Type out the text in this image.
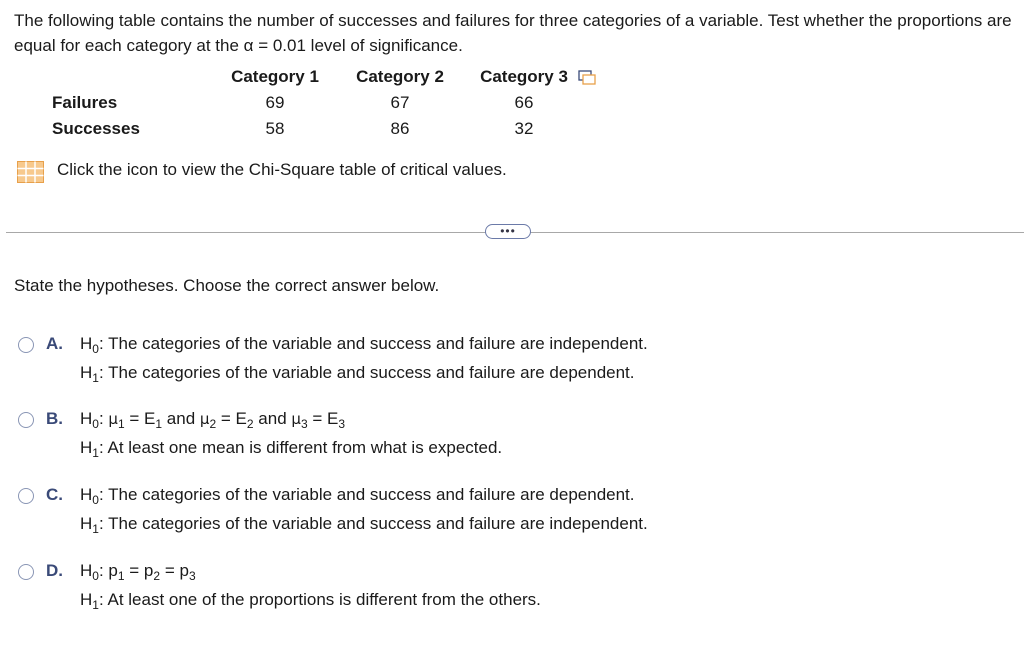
The following table contains the number of successes and failures for three categories of a variable. Test whether the proportions are equal for each category at the α = 0.01 level of significance.
	Category 1	Category 2	Category 3
Failures	69	67	66
Successes	58	86	32
Click the icon to view the Chi-Square table of critical values.
•••
State the hypotheses. Choose the correct answer below.
A. $H_0$: The categories of the variable and success and failure are independent.
$H_1$: The categories of the variable and success and failure are dependent.
B. $H_0$: $\mu_1 = E_1$ and $\mu_2 = E_2$ and $\mu_3 = E_3$
$H_1$: At least one mean is different from what is expected.
C. $H_0$: The categories of the variable and success and failure are dependent.
$H_1$: The categories of the variable and success and failure are independent.
D. $H_0$: $p_1 = p_2 = p_3$
$H_1$: At least one of the proportions is different from the others.
